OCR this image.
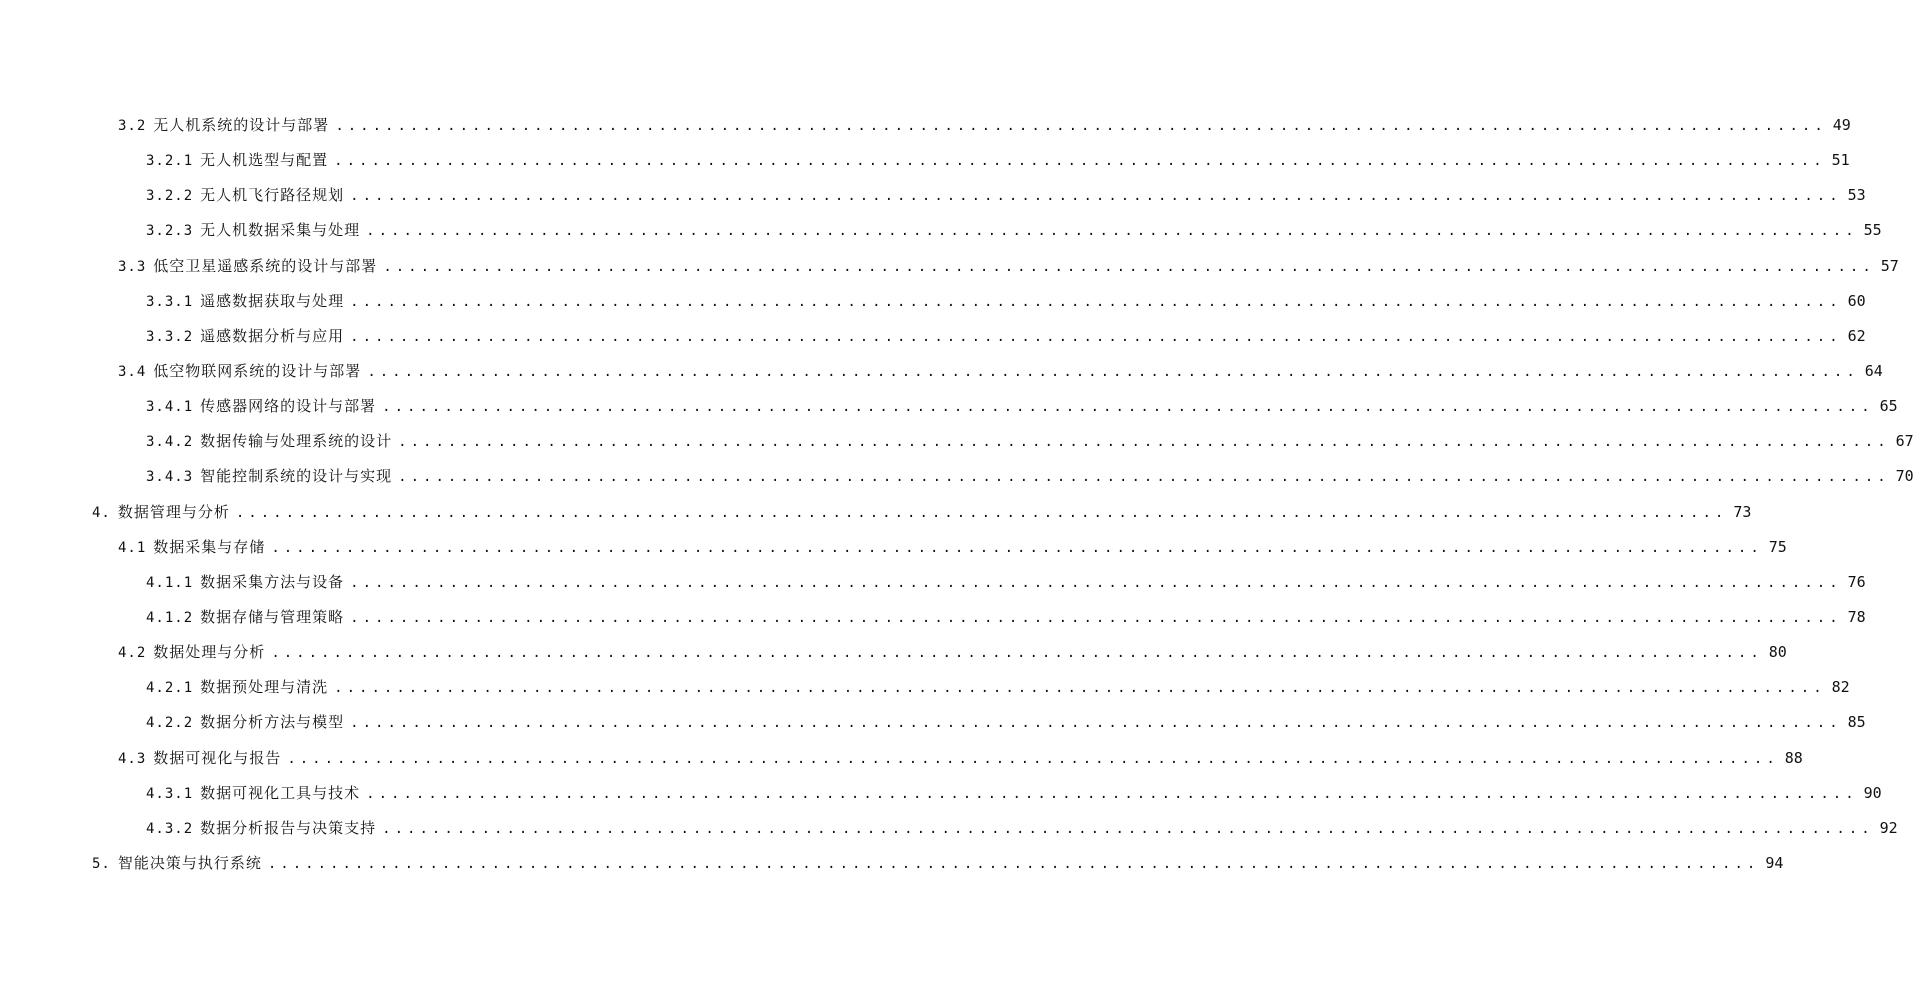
3.2 无人机系统的设计与部署 ........................................................................................................................ 49
3.2.1 无人机选型与配置 ........................................................................................................................ 51
3.2.2 无人机飞行路径规划 ........................................................................................................................ 53
3.2.3 无人机数据采集与处理 ........................................................................................................................ 55
3.3 低空卫星遥感系统的设计与部署 ........................................................................................................................ 57
3.3.1 遥感数据获取与处理 ........................................................................................................................ 60
3.3.2 遥感数据分析与应用 ........................................................................................................................ 62
3.4 低空物联网系统的设计与部署 ........................................................................................................................ 64
3.4.1 传感器网络的设计与部署 ........................................................................................................................ 65
3.4.2 数据传输与处理系统的设计 ........................................................................................................................ 67
3.4.3 智能控制系统的设计与实现 ........................................................................................................................ 70
4. 数据管理与分析 ........................................................................................................................ 73
4.1 数据采集与存储 ........................................................................................................................ 75
4.1.1 数据采集方法与设备 ........................................................................................................................ 76
4.1.2 数据存储与管理策略 ........................................................................................................................ 78
4.2 数据处理与分析 ........................................................................................................................ 80
4.2.1 数据预处理与清洗 ........................................................................................................................ 82
4.2.2 数据分析方法与模型 ........................................................................................................................ 85
4.3 数据可视化与报告 ........................................................................................................................ 88
4.3.1 数据可视化工具与技术 ........................................................................................................................ 90
4.3.2 数据分析报告与决策支持 ........................................................................................................................ 92
5. 智能决策与执行系统 ........................................................................................................................ 94
